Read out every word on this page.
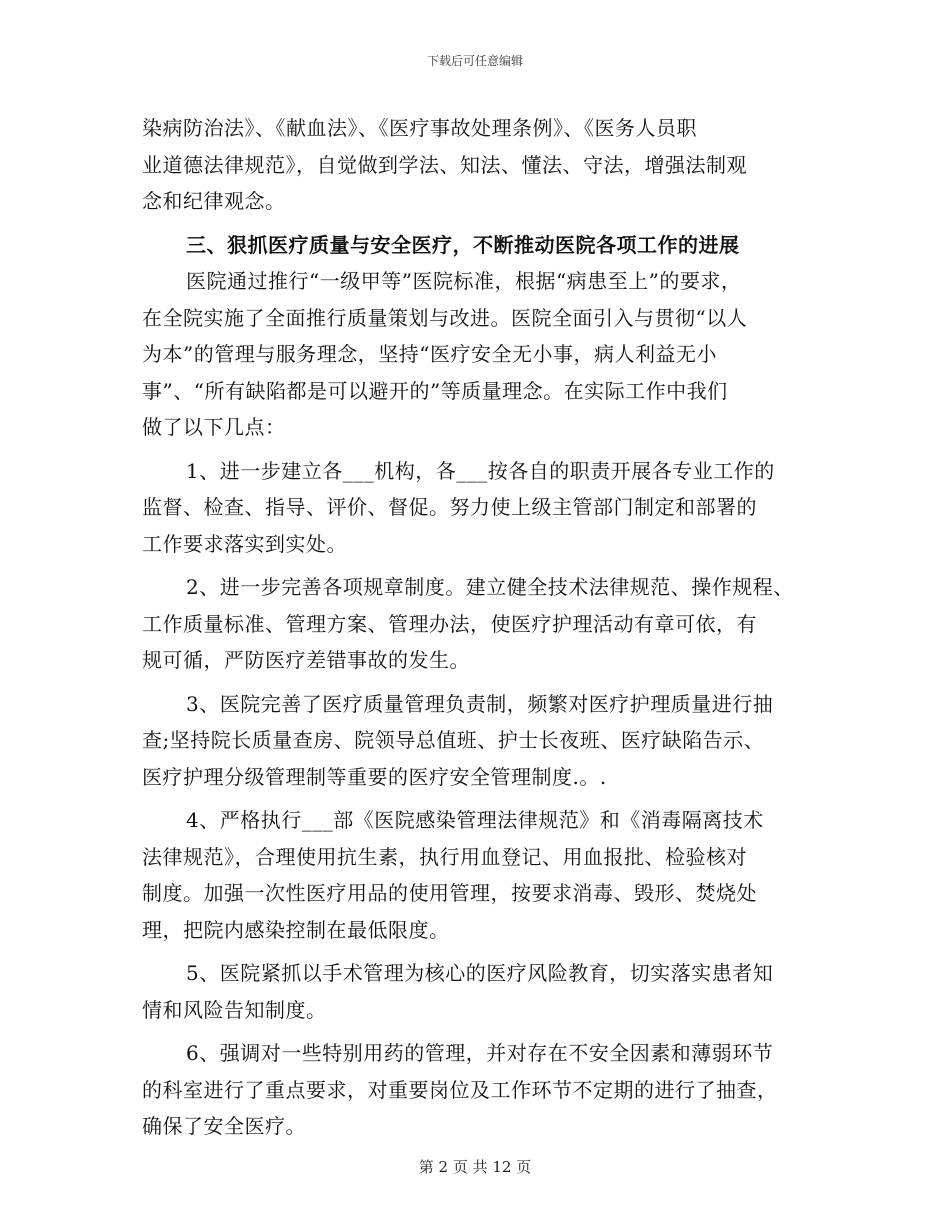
下载后可任意编辑
染病防治法》、《献血法》、《医疗事故处理条例》、《医务人员职
业道德法律规范》，自觉做到学法、知法、懂法、守法，增强法制观
念和纪律观念。
三、狠抓医疗质量与安全医疗，不断推动医院各项工作的进展
医院通过推行“一级甲等”医院标准，根据“病患至上”的要求，
在全院实施了全面推行质量策划与改进。医院全面引入与贯彻“以人
为本”的管理与服务理念，坚持“医疗安全无小事，病人利益无小
事”、“所有缺陷都是可以避开的”等质量理念。在实际工作中我们
做了以下几点：
1、进一步建立各___机构，各___按各自的职责开展各专业工作的
监督、检查、指导、评价、督促。努力使上级主管部门制定和部署的
工作要求落实到实处。
2、进一步完善各项规章制度。建立健全技术法律规范、操作规程、
工作质量标准、管理方案、管理办法，使医疗护理活动有章可依，有
规可循，严防医疗差错事故的发生。
3、医院完善了医疗质量管理负责制，频繁对医疗护理质量进行抽
查;坚持院长质量查房、院领导总值班、护士长夜班、医疗缺陷告示、
医疗护理分级管理制等重要的医疗安全管理制度.。.
4、严格执行___部《医院感染管理法律规范》和《消毒隔离技术
法律规范》，合理使用抗生素，执行用血登记、用血报批、检验核对
制度。加强一次性医疗用品的使用管理，按要求消毒、毁形、焚烧处
理，把院内感染控制在最低限度。
5、医院紧抓以手术管理为核心的医疗风险教育，切实落实患者知
情和风险告知制度。
6、强调对一些特别用药的管理，并对存在不安全因素和薄弱环节
的科室进行了重点要求，对重要岗位及工作环节不定期的进行了抽查，
确保了安全医疗。
第 2 页 共 12 页
